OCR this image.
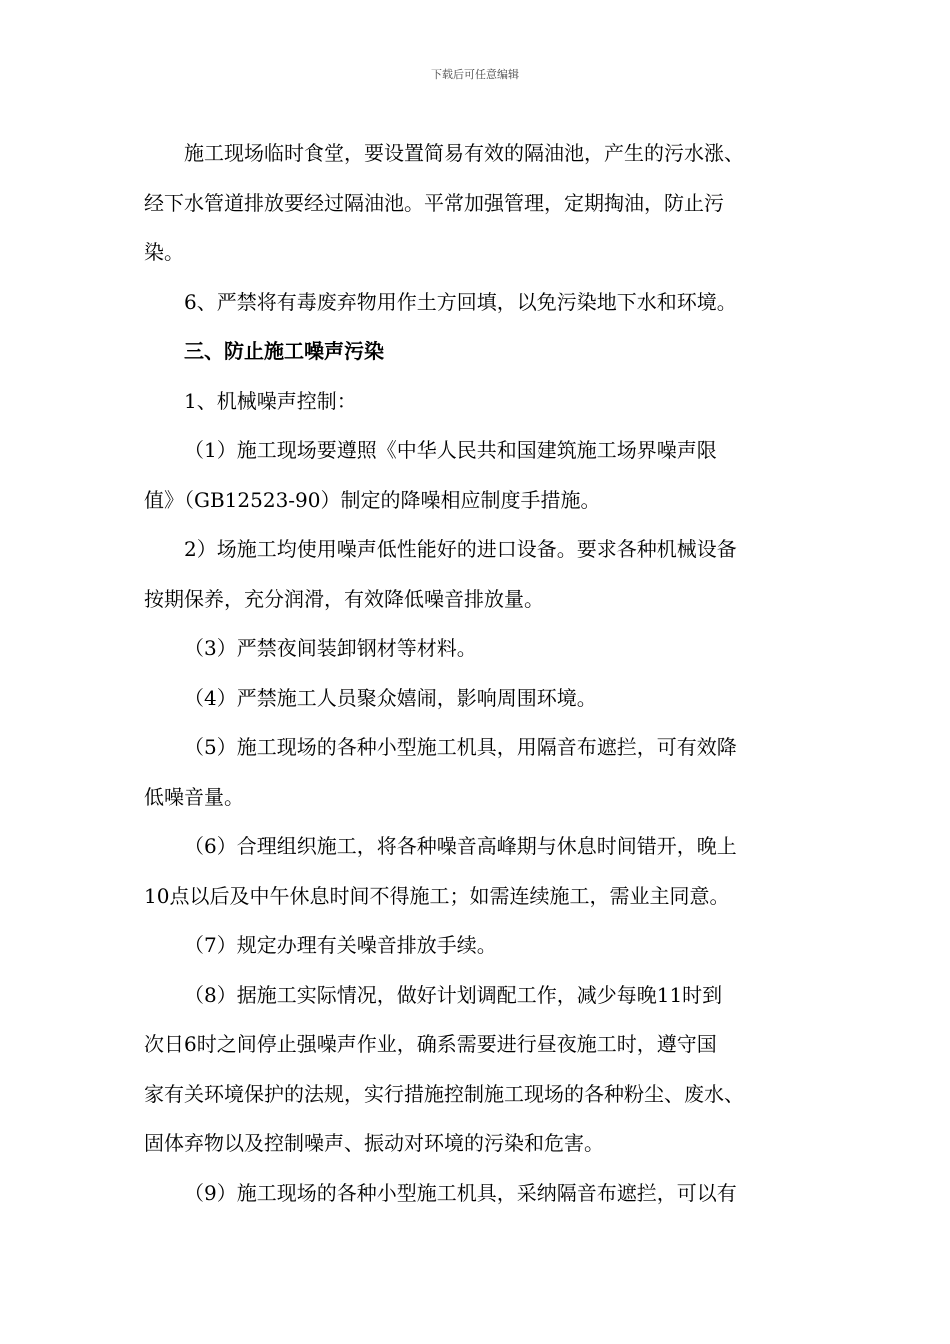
下载后可任意编辑

施工现场临时食堂，要设置简易有效的隔油池，产生的污水涨、
经下水管道排放要经过隔油池。平常加强管理，定期掏油，防止污
染。

6、严禁将有毒废弃物用作土方回填，以免污染地下水和环境。

三、防止施工噪声污染

1、机械噪声控制：

（1）施工现场要遵照《中华人民共和国建筑施工场界噪声限
值》（GB12523-90）制定的降噪相应制度手措施。

2）场施工均使用噪声低性能好的进口设备。要求各种机械设备
按期保养，充分润滑，有效降低噪音排放量。

（3）严禁夜间装卸钢材等材料。

（4）严禁施工人员聚众嬉闹，影响周围环境。

（5）施工现场的各种小型施工机具，用隔音布遮拦，可有效降
低噪音量。

（6）合理组织施工，将各种噪音高峰期与休息时间错开，晚上
10点以后及中午休息时间不得施工；如需连续施工，需业主同意。

（7）规定办理有关噪音排放手续。

（8）据施工实际情况，做好计划调配工作，减少每晚11时到
次日6时之间停止强噪声作业，确系需要进行昼夜施工时，遵守国
家有关环境保护的法规，实行措施控制施工现场的各种粉尘、废水、
固体弃物以及控制噪声、振动对环境的污染和危害。

（9）施工现场的各种小型施工机具，采纳隔音布遮拦，可以有
